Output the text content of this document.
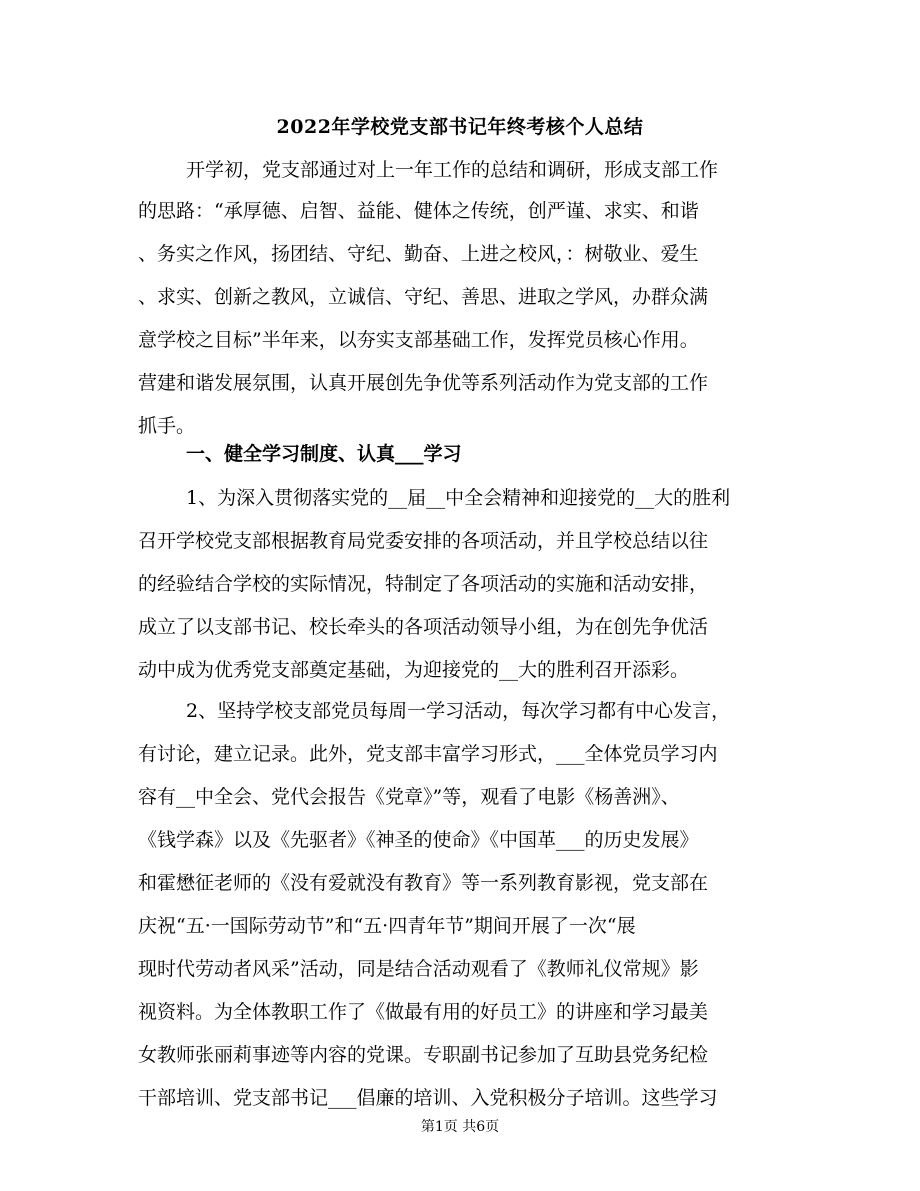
2022年学校党支部书记年终考核个人总结
开学初，党支部通过对上一年工作的总结和调研，形成支部工作
的思路：“承厚德、启智、益能、健体之传统，创严谨、求实、和谐
、务实之作风，扬团结、守纪、勤奋、上进之校风，：树敬业、爱生
、求实、创新之教风，立诚信、守纪、善思、进取之学风，办群众满
意学校之目标”半年来，以夯实支部基础工作，发挥党员核心作用。
营建和谐发展氛围，认真开展创先争优等系列活动作为党支部的工作
抓手。
一、健全学习制度、认真___学习
1、为深入贯彻落实党的__届__中全会精神和迎接党的__大的胜利
召开学校党支部根据教育局党委安排的各项活动，并且学校总结以往
的经验结合学校的实际情况，特制定了各项活动的实施和活动安排，
成立了以支部书记、校长牵头的各项活动领导小组，为在创先争优活
动中成为优秀党支部奠定基础，为迎接党的__大的胜利召开添彩。
2、坚持学校支部党员每周一学习活动，每次学习都有中心发言，
有讨论，建立记录。此外，党支部丰富学习形式，___全体党员学习内
容有__中全会、党代会报告《党章》”等，观看了电影《杨善洲》、
《钱学森》以及《先驱者》《神圣的使命》《中国革___的历史发展》
和霍懋征老师的《没有爱就没有教育》等一系列教育影视，党支部在
庆祝“五·一国际劳动节”和“五·四青年节”期间开展了一次“展
现时代劳动者风采”活动，同是结合活动观看了《教师礼仪常规》影
视资料。为全体教职工作了《做最有用的好员工》的讲座和学习最美
女教师张丽莉事迹等内容的党课。专职副书记参加了互助县党务纪检
干部培训、党支部书记___倡廉的培训、入党积极分子培训。这些学习
第1页 共6页
